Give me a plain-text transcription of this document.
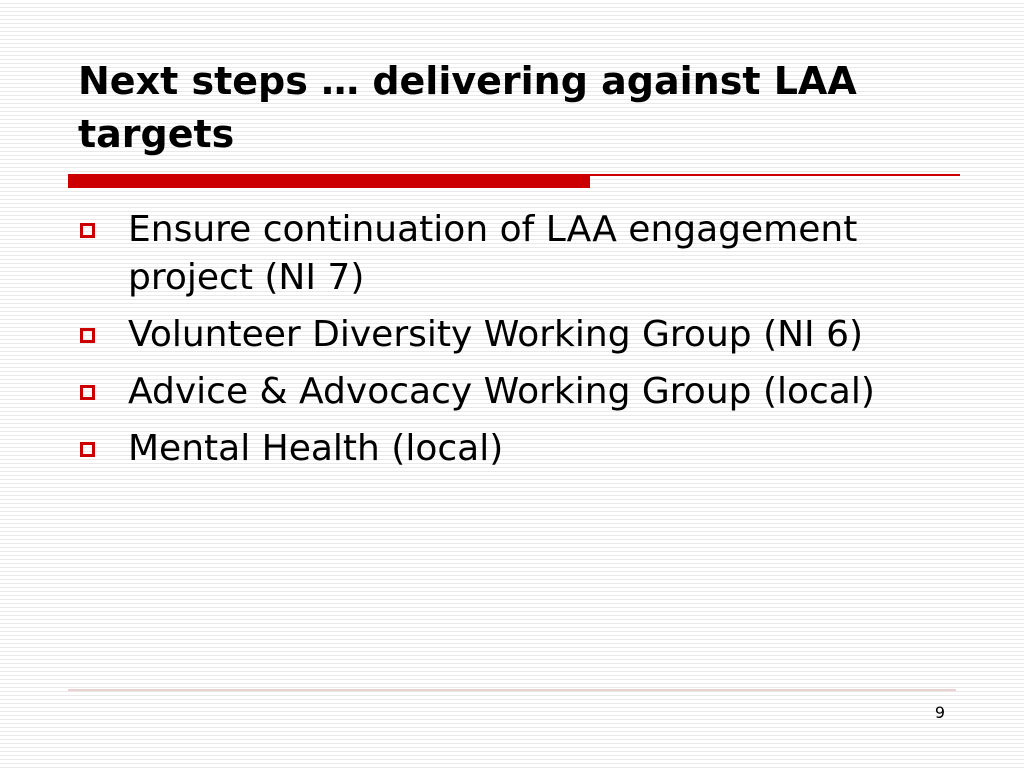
Next steps … delivering against LAA targets
Ensure continuation of LAA engagement project (NI 7)
Volunteer Diversity Working Group (NI 6)
Advice & Advocacy Working Group (local)
Mental Health (local)
9
